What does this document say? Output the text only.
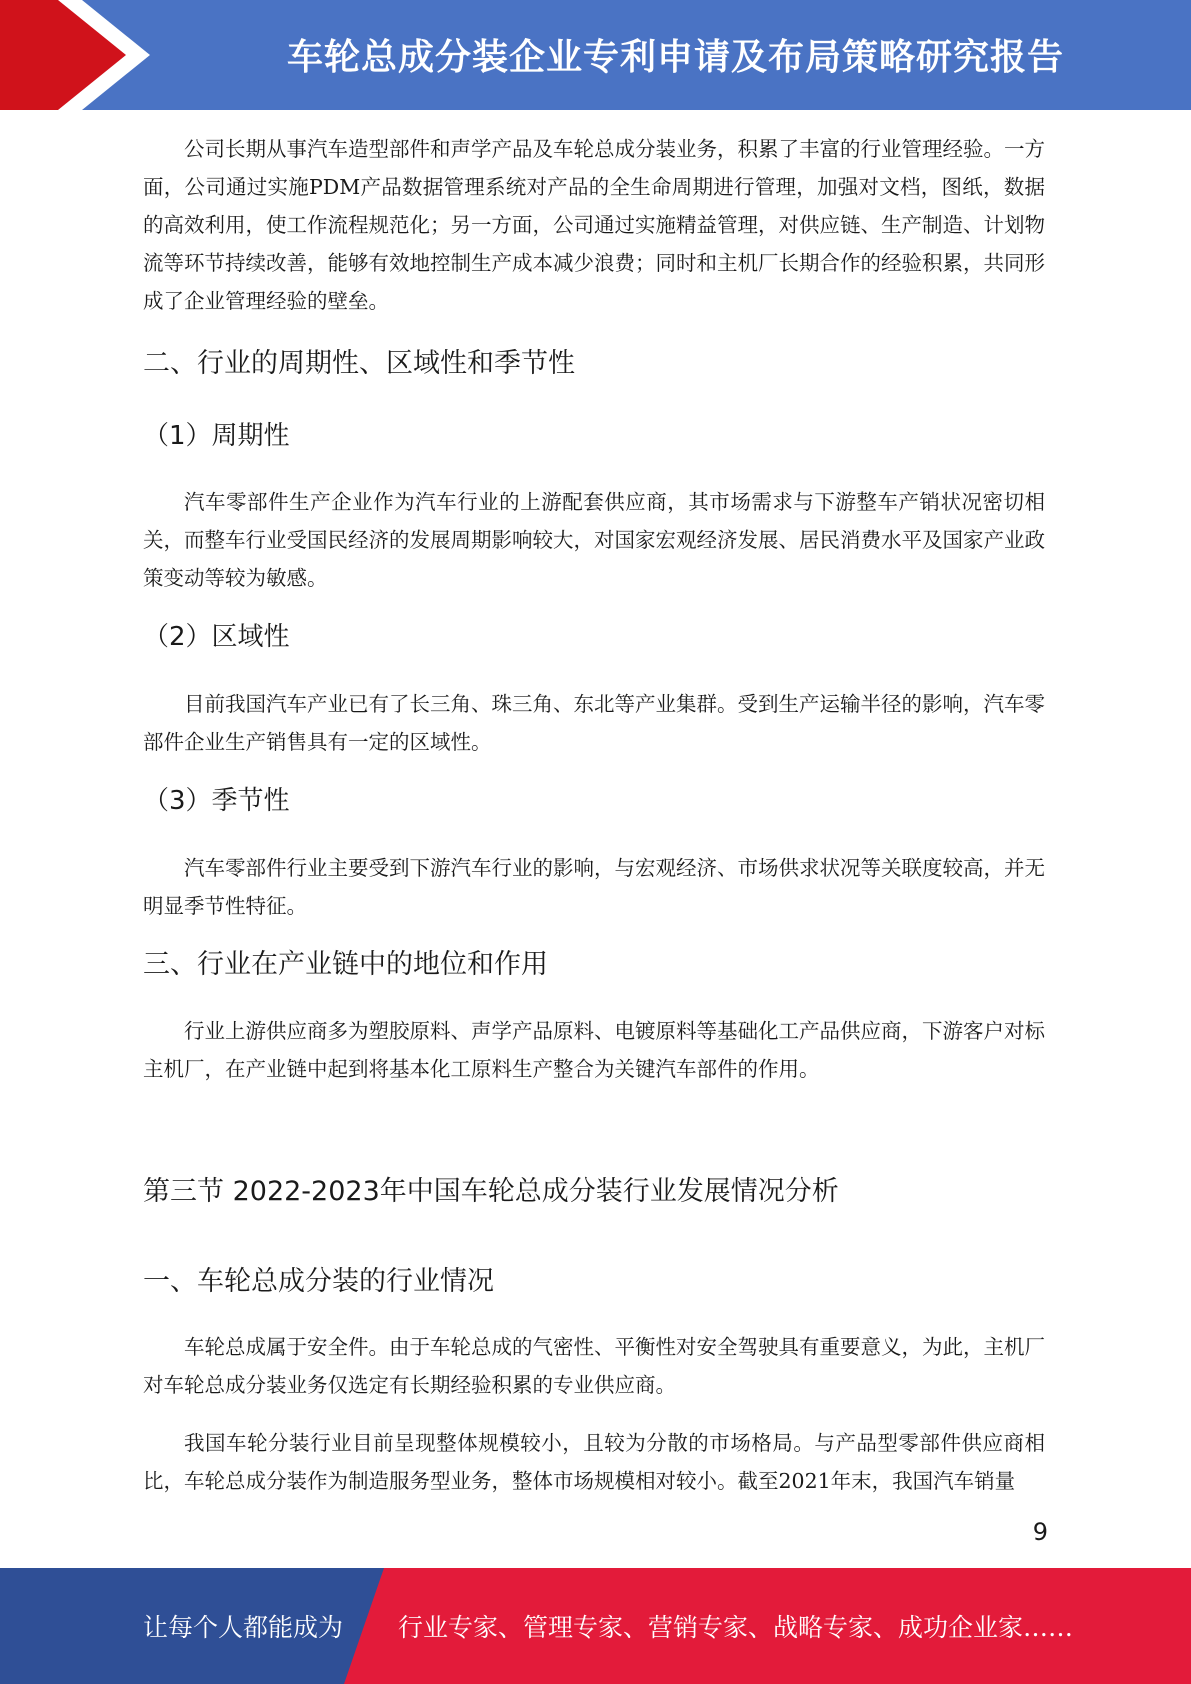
车轮总成分装企业专利申请及布局策略研究报告

公司长期从事汽车造型部件和声学产品及车轮总成分装业务，积累了丰富的行业管理经验。一方面，公司通过实施PDM产品数据管理系统对产品的全生命周期进行管理，加强对文档，图纸，数据的高效利用，使工作流程规范化；另一方面，公司通过实施精益管理，对供应链、生产制造、计划物流等环节持续改善，能够有效地控制生产成本减少浪费；同时和主机厂长期合作的经验积累，共同形成了企业管理经验的壁垒。

二、行业的周期性、区域性和季节性
（1）周期性

汽车零部件生产企业作为汽车行业的上游配套供应商，其市场需求与下游整车产销状况密切相关，而整车行业受国民经济的发展周期影响较大，对国家宏观经济发展、居民消费水平及国家产业政策变动等较为敏感。

（2）区域性

目前我国汽车产业已有了长三角、珠三角、东北等产业集群。受到生产运输半径的影响，汽车零部件企业生产销售具有一定的区域性。

（3）季节性

汽车零部件行业主要受到下游汽车行业的影响，与宏观经济、市场供求状况等关联度较高，并无明显季节性特征。

三、行业在产业链中的地位和作用

行业上游供应商多为塑胶原料、声学产品原料、电镀原料等基础化工产品供应商，下游客户对标主机厂，在产业链中起到将基本化工原料生产整合为关键汽车部件的作用。

第三节 2022-2023年中国车轮总成分装行业发展情况分析
一、车轮总成分装的行业情况

车轮总成属于安全件。由于车轮总成的气密性、平衡性对安全驾驶具有重要意义，为此，主机厂对车轮总成分装业务仅选定有长期经验积累的专业供应商。

我国车轮分装行业目前呈现整体规模较小，且较为分散的市场格局。与产品型零部件供应商相比，车轮总成分装作为制造服务型业务，整体市场规模相对较小。截至2021年末，我国汽车销量

9
让每个人都能成为 行业专家、管理专家、营销专家、战略专家、成功企业家……
